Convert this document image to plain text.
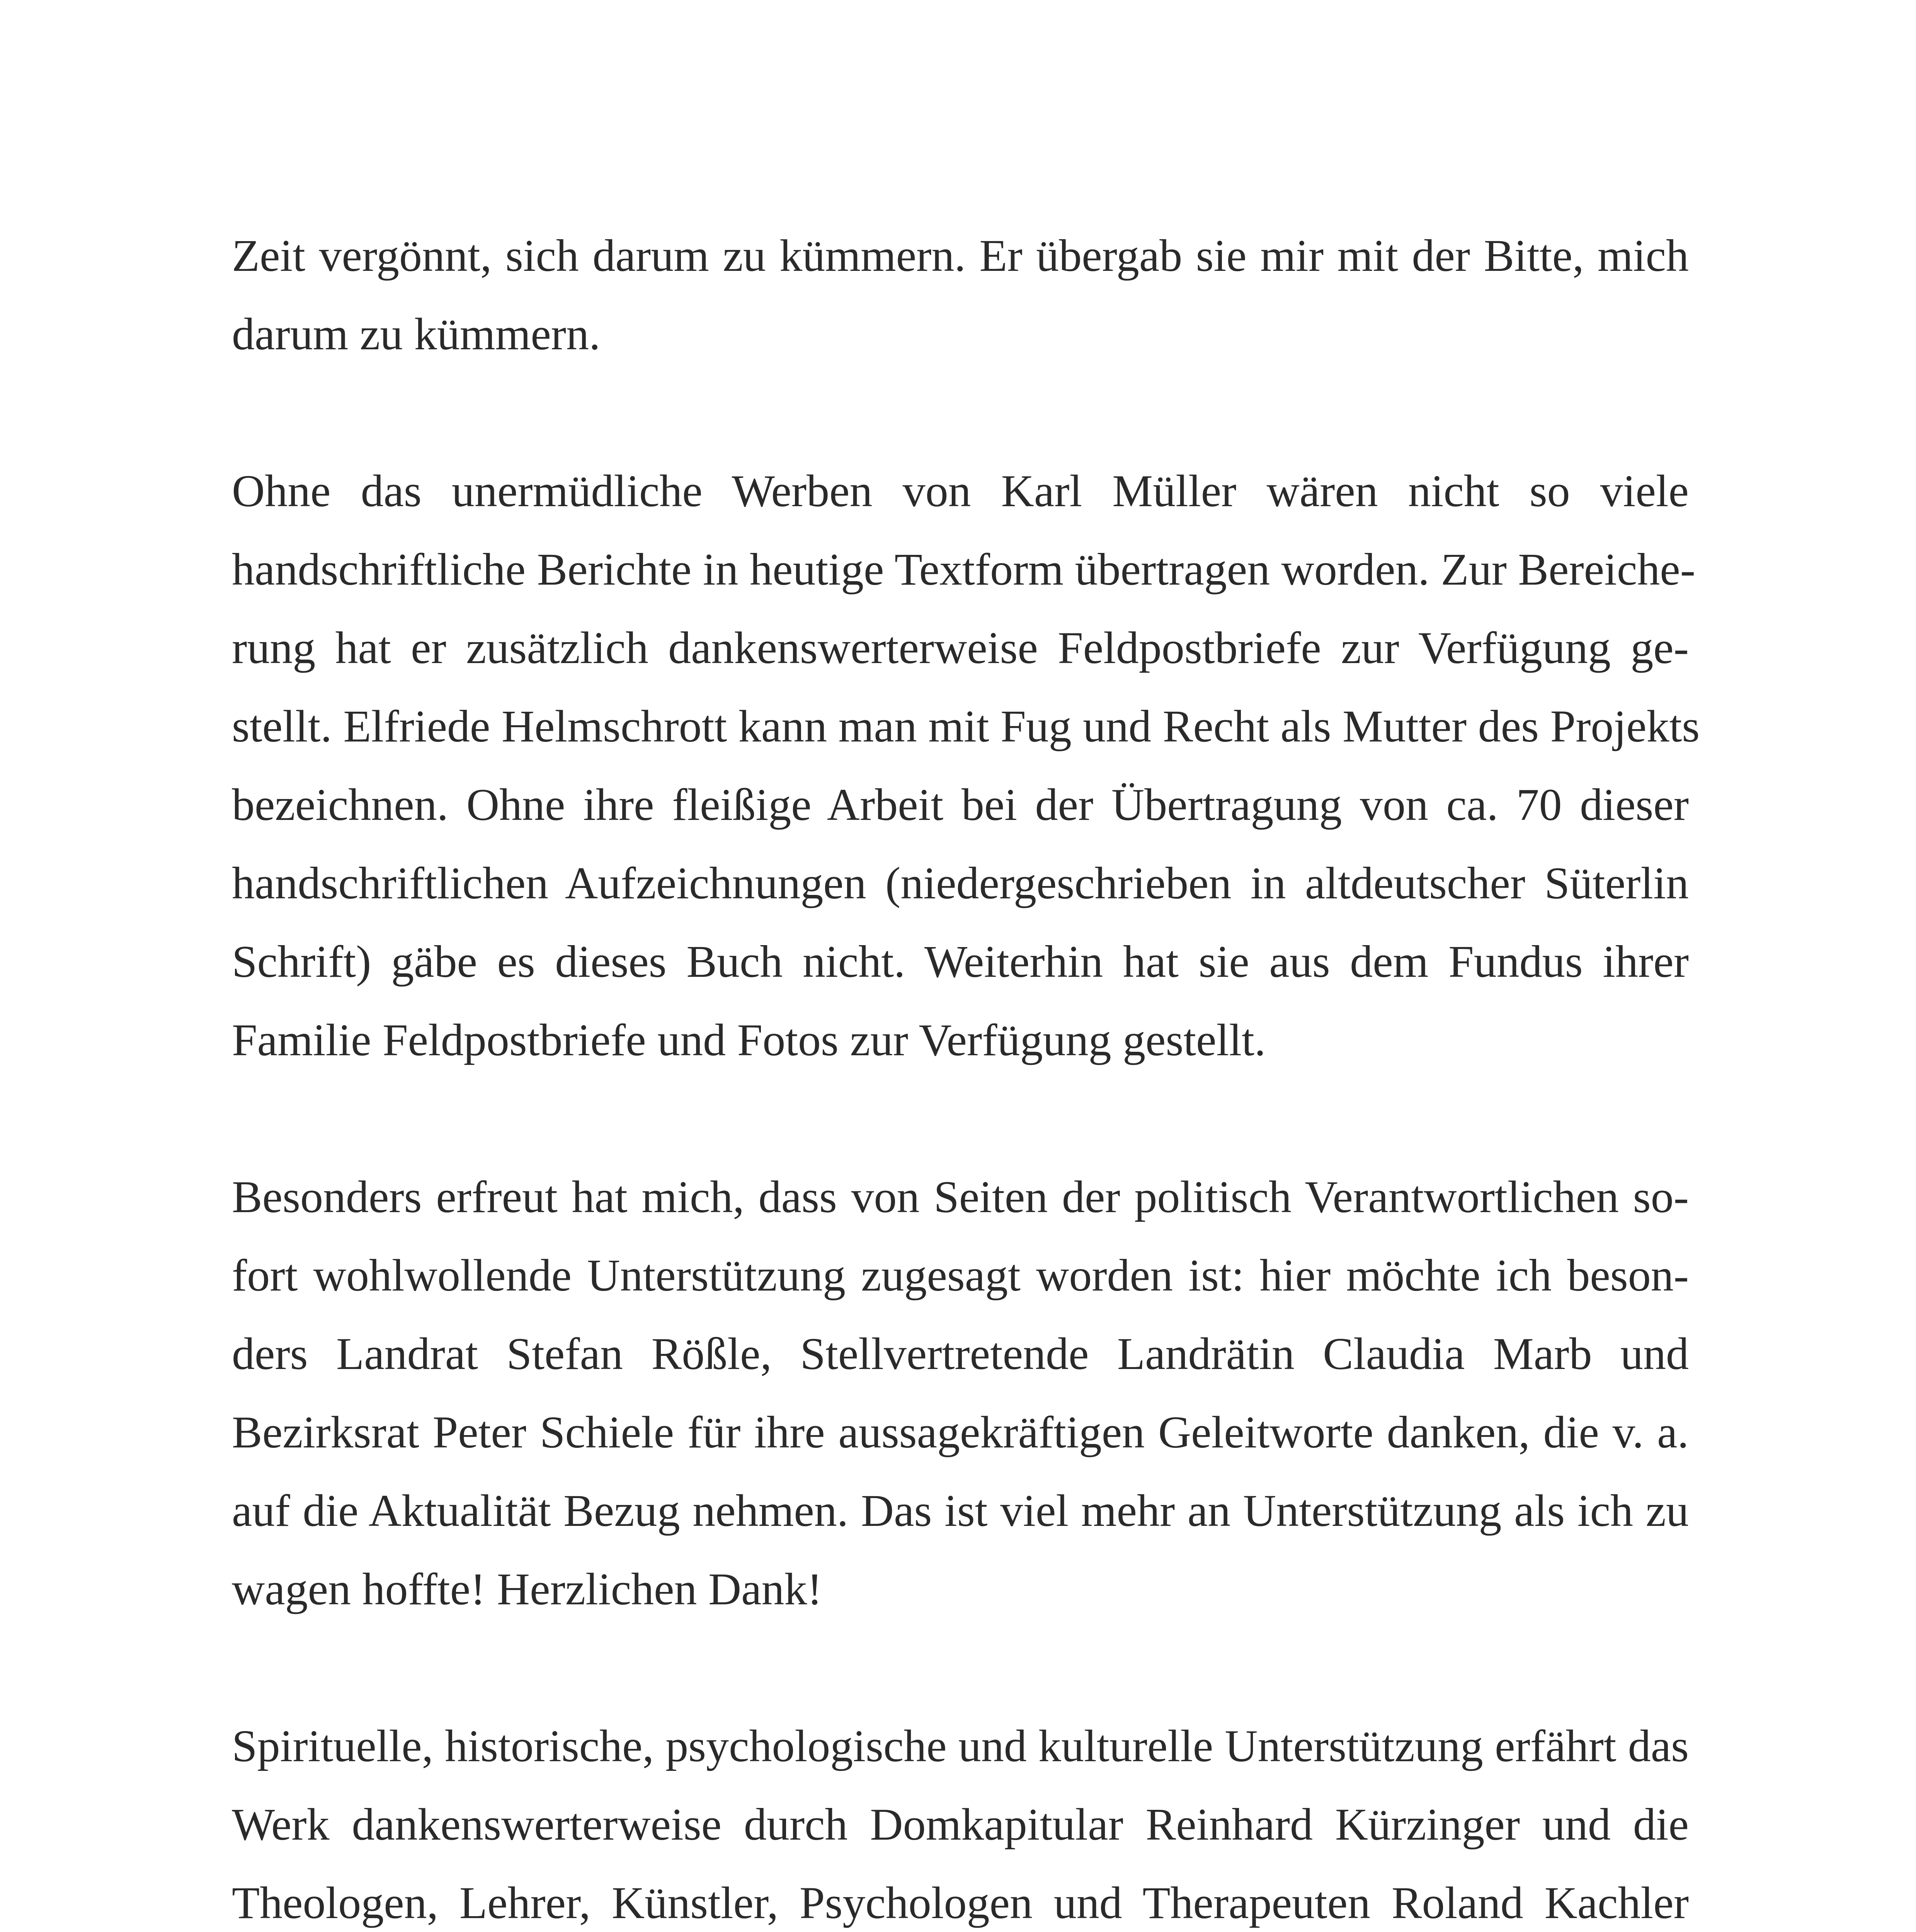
Zeit vergönnt, sich darum zu kümmern. Er übergab sie mir mit der Bitte, mich
darum zu kümmern.

Ohne das unermüdliche Werben von Karl Müller wären nicht so viele
handschriftliche Berichte in heutige Textform übertragen worden. Zur Bereiche-
rung hat er zusätzlich dankenswerterweise Feldpostbriefe zur Verfügung ge-
stellt. Elfriede Helmschrott kann man mit Fug und Recht als Mutter des Projekts
bezeichnen. Ohne ihre fleißige Arbeit bei der Übertragung von ca. 70 dieser
handschriftlichen Aufzeichnungen (niedergeschrieben in altdeutscher Süterlin
Schrift) gäbe es dieses Buch nicht. Weiterhin hat sie aus dem Fundus ihrer
Familie Feldpostbriefe und Fotos zur Verfügung gestellt.

Besonders erfreut hat mich, dass von Seiten der politisch Verantwortlichen so-
fort wohlwollende Unterstützung zugesagt worden ist: hier möchte ich beson-
ders Landrat Stefan Rößle, Stellvertretende Landrätin Claudia Marb und
Bezirksrat Peter Schiele für ihre aussagekräftigen Geleitworte danken, die v. a.
auf die Aktualität Bezug nehmen. Das ist viel mehr an Unterstützung als ich zu
wagen hoffte! Herzlichen Dank!

Spirituelle, historische, psychologische und kulturelle Unterstützung erfährt das
Werk dankenswerterweise durch Domkapitular Reinhard Kürzinger und die
Theologen, Lehrer, Künstler, Psychologen und Therapeuten Roland Kachler
